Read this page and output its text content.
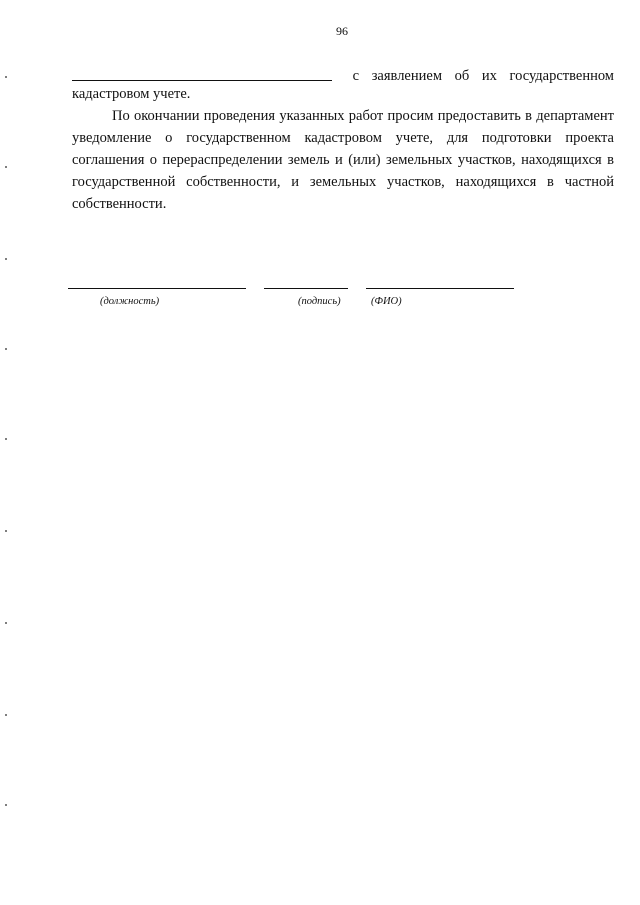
96
с заявлением об их государственном
кадастровом учете.

По окончании проведения указанных работ просим предоставить в департамент уведомление о государственном кадастровом учете, для подготовки проекта соглашения о перераспределении земель и (или) земельных участков, находящихся в государственной собственности, и земельных участков, находящихся в частной собственности.

(должность)	(подпись)	(ФИО)
